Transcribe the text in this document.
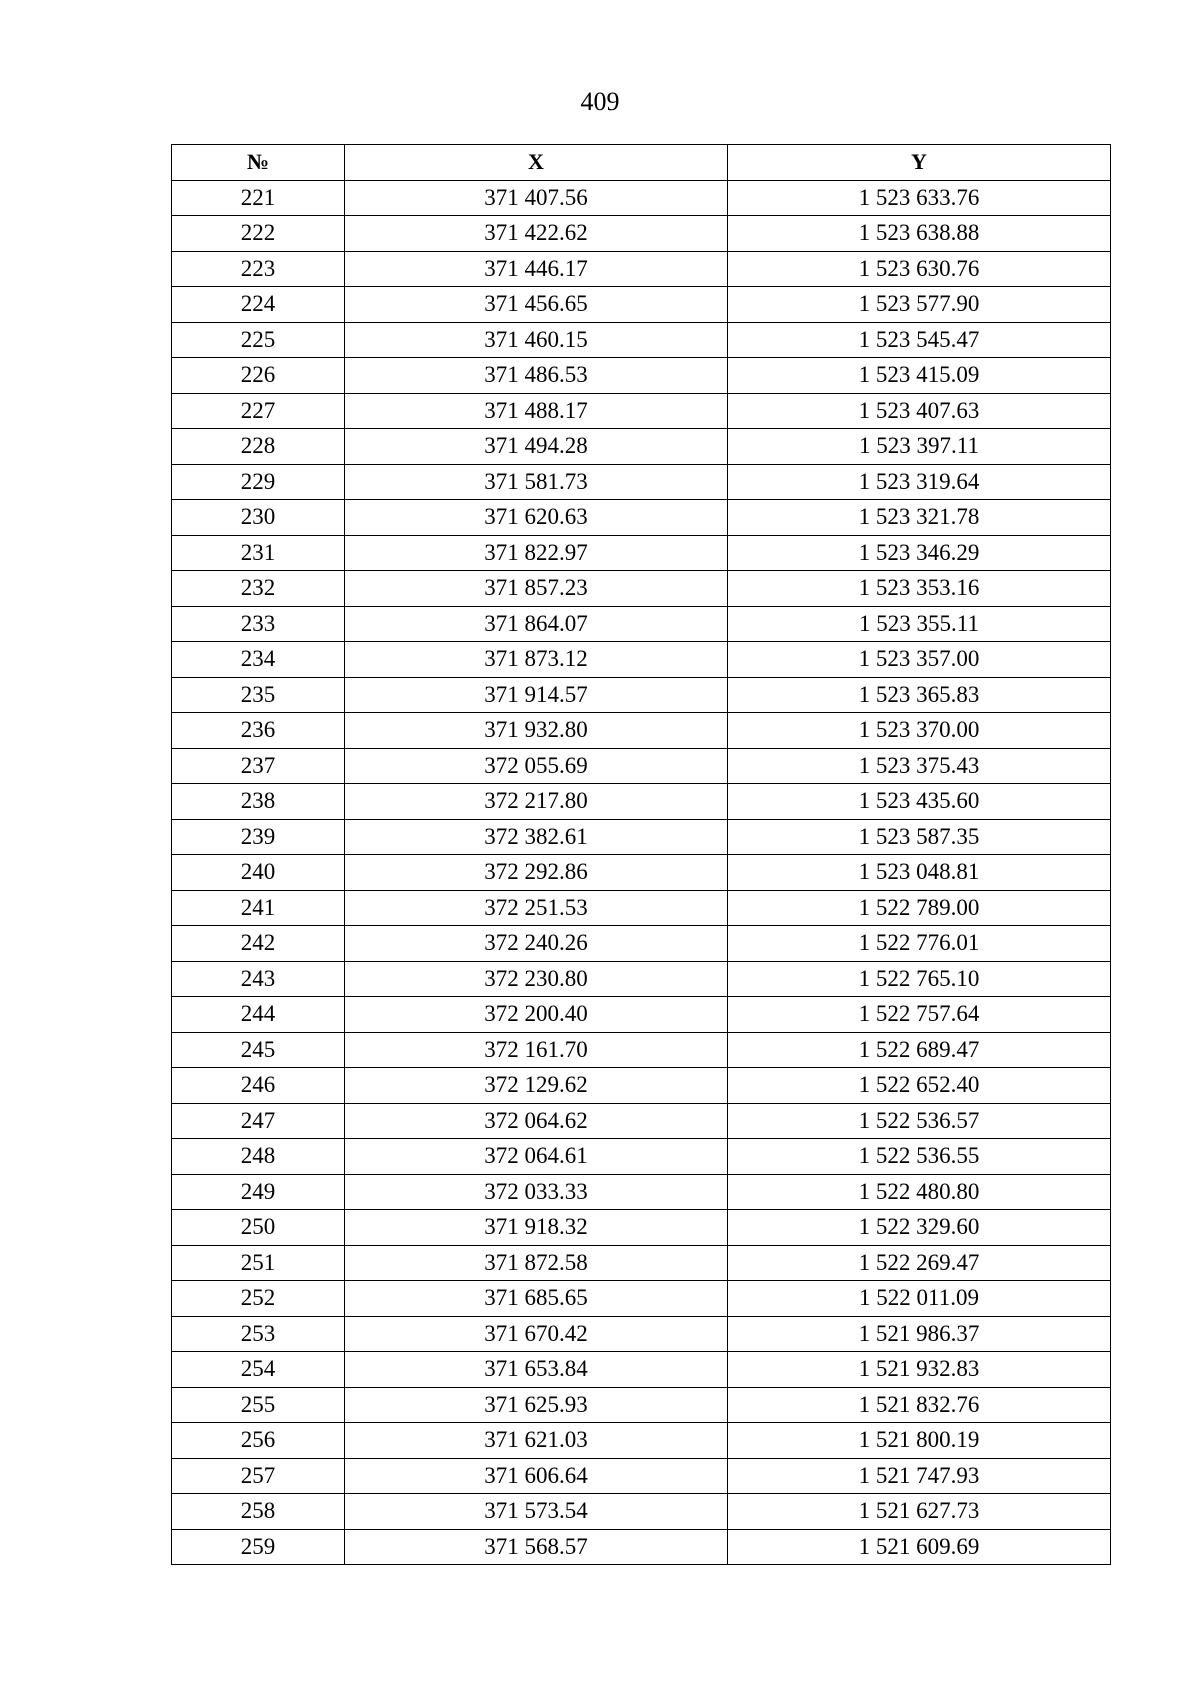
409
№	X	Y
221	371 407.56	1 523 633.76
222	371 422.62	1 523 638.88
223	371 446.17	1 523 630.76
224	371 456.65	1 523 577.90
225	371 460.15	1 523 545.47
226	371 486.53	1 523 415.09
227	371 488.17	1 523 407.63
228	371 494.28	1 523 397.11
229	371 581.73	1 523 319.64
230	371 620.63	1 523 321.78
231	371 822.97	1 523 346.29
232	371 857.23	1 523 353.16
233	371 864.07	1 523 355.11
234	371 873.12	1 523 357.00
235	371 914.57	1 523 365.83
236	371 932.80	1 523 370.00
237	372 055.69	1 523 375.43
238	372 217.80	1 523 435.60
239	372 382.61	1 523 587.35
240	372 292.86	1 523 048.81
241	372 251.53	1 522 789.00
242	372 240.26	1 522 776.01
243	372 230.80	1 522 765.10
244	372 200.40	1 522 757.64
245	372 161.70	1 522 689.47
246	372 129.62	1 522 652.40
247	372 064.62	1 522 536.57
248	372 064.61	1 522 536.55
249	372 033.33	1 522 480.80
250	371 918.32	1 522 329.60
251	371 872.58	1 522 269.47
252	371 685.65	1 522 011.09
253	371 670.42	1 521 986.37
254	371 653.84	1 521 932.83
255	371 625.93	1 521 832.76
256	371 621.03	1 521 800.19
257	371 606.64	1 521 747.93
258	371 573.54	1 521 627.73
259	371 568.57	1 521 609.69
